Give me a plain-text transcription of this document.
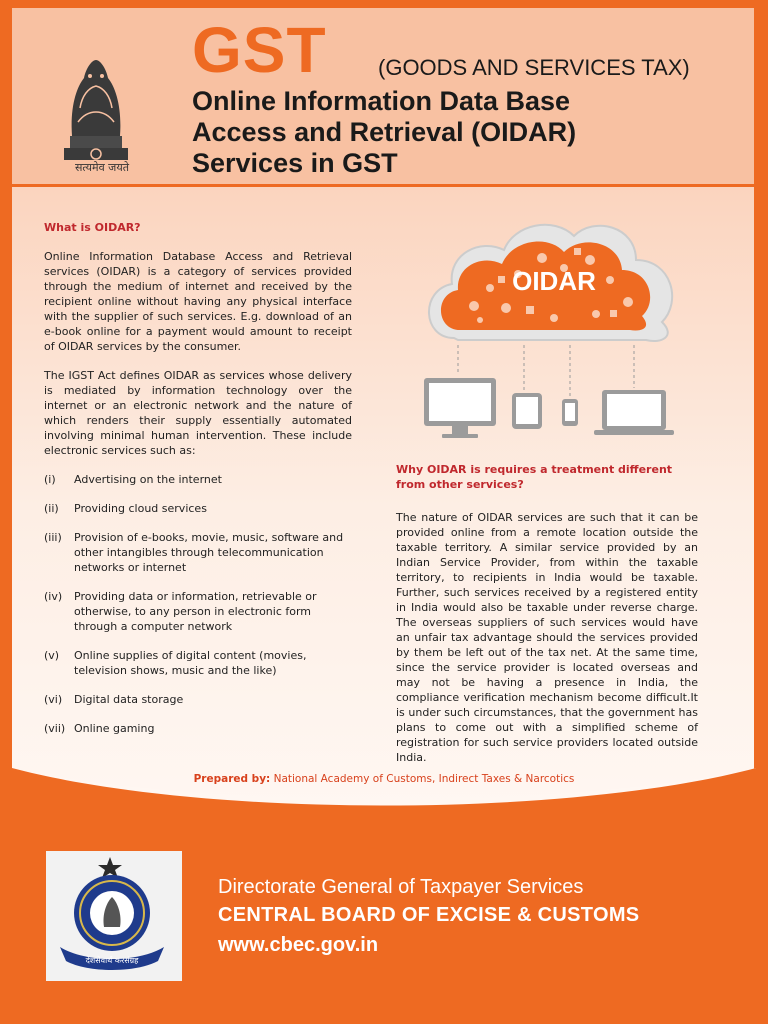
सत्यमेव जयते
GST (GOODS AND SERVICES TAX)
Online Information Data Base
Access and Retrieval (OIDAR)
Services in GST
What is OIDAR?

Online Information Database Access and Retrieval services (OIDAR) is a category of services provided through the medium of internet and received by the recipient online without having any physical interface with the supplier of such services. E.g. download of an e-book online for a payment would amount to receipt of OIDAR services by the consumer.

The IGST Act defines OIDAR as services whose delivery is mediated by information technology over the internet or an electronic network and the nature of which renders their supply essentially automated involving minimal human intervention. These include electronic services such as:

(i) Advertising on the internet
(ii) Providing cloud services
(iii) Provision of e-books, movie, music, software and other intangibles through telecommunication networks or internet
(iv) Providing data or information, retrievable or otherwise, to any person in electronic form through a computer network
(v) Online supplies of digital content (movies, television shows, music and the like)
(vi) Digital data storage
(vii) Online gaming
OIDAR
Why OIDAR is requires a treatment different from other services?

The nature of OIDAR services are such that it can be provided online from a remote location outside the taxable territory. A similar service provided by an Indian Service Provider, from within the taxable territory, to recipients in India would be taxable. Further, such services received by a registered entity in India would also be taxable under reverse charge. The overseas suppliers of such services would have an unfair tax advantage should the services provided by them be left out of the tax net. At the same time, since the service provider is located overseas and may not be having a presence in India, the compliance verification mechanism become difficult.It is under such circumstances, that the government has plans to come out with a simplified scheme of registration for such service providers located outside India.

Prepared by: National Academy of Customs, Indirect Taxes & Narcotics
देशसेवार्थं करसंग्रह
Directorate General of Taxpayer Services
CENTRAL BOARD OF EXCISE & CUSTOMS
www.cbec.gov.in
